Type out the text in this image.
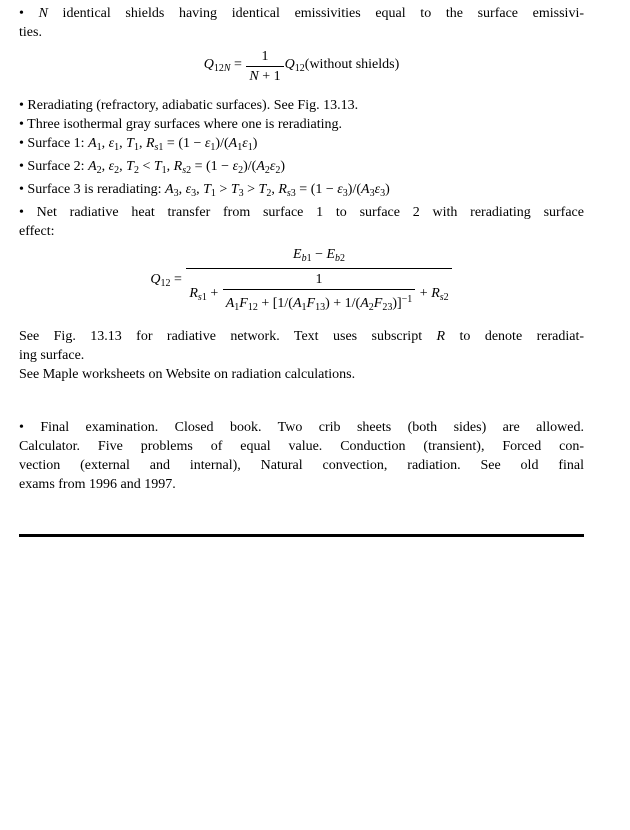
• N identical shields having identical emissivities equal to the surface emissivi-
ties.
$Q_{12N} = \frac{1}{N + 1}$ $Q_{12}(without$ shields)
• Reradiating (refractory, adiabatic surfaces). See Fig. 13.13.
• Three isothermal gray surfaces where one is reradiating.
• Surface 1: $A_1$, $\varepsilon_1$, $T_1$, $R_{s1} = (1 - \varepsilon_1)/(A_1\varepsilon_1)$
• Surface 2: $A_2$, $\varepsilon_2$, $T_2 < T_1$, $R_{s2} = (1 - \varepsilon_2)/(A_2\varepsilon_2)$
• Surface 3 is reradiating: $A_3$, $\varepsilon_3$, $T_1 > T_3 > T_2$, $R_{s3} = (1 - \varepsilon_3)/(A_3\varepsilon_3)$
• Net radiative heat transfer from surface 1 to surface 2 with reradiating surface
effect:
$Q_{12} = \frac{E_{b1} - E_{b2}}{R_{s1} + \frac{1}{A_1F_{12} + [1/(A_1F_{13}) + 1/(A_2F_{23})]^{-1}} + R_{s2}}$
See Fig. 13.13 for radiative network. Text uses subscript R to denote reradiat-
ing surface.
See Maple worksheets on Website on radiation calculations.
• Final examination. Closed book. Two crib sheets (both sides) are allowed.
Calculator. Five problems of equal value. Conduction (transient), Forced con-
vection (external and internal), Natural convection, radiation. See old final
exams from 1996 and 1997.
